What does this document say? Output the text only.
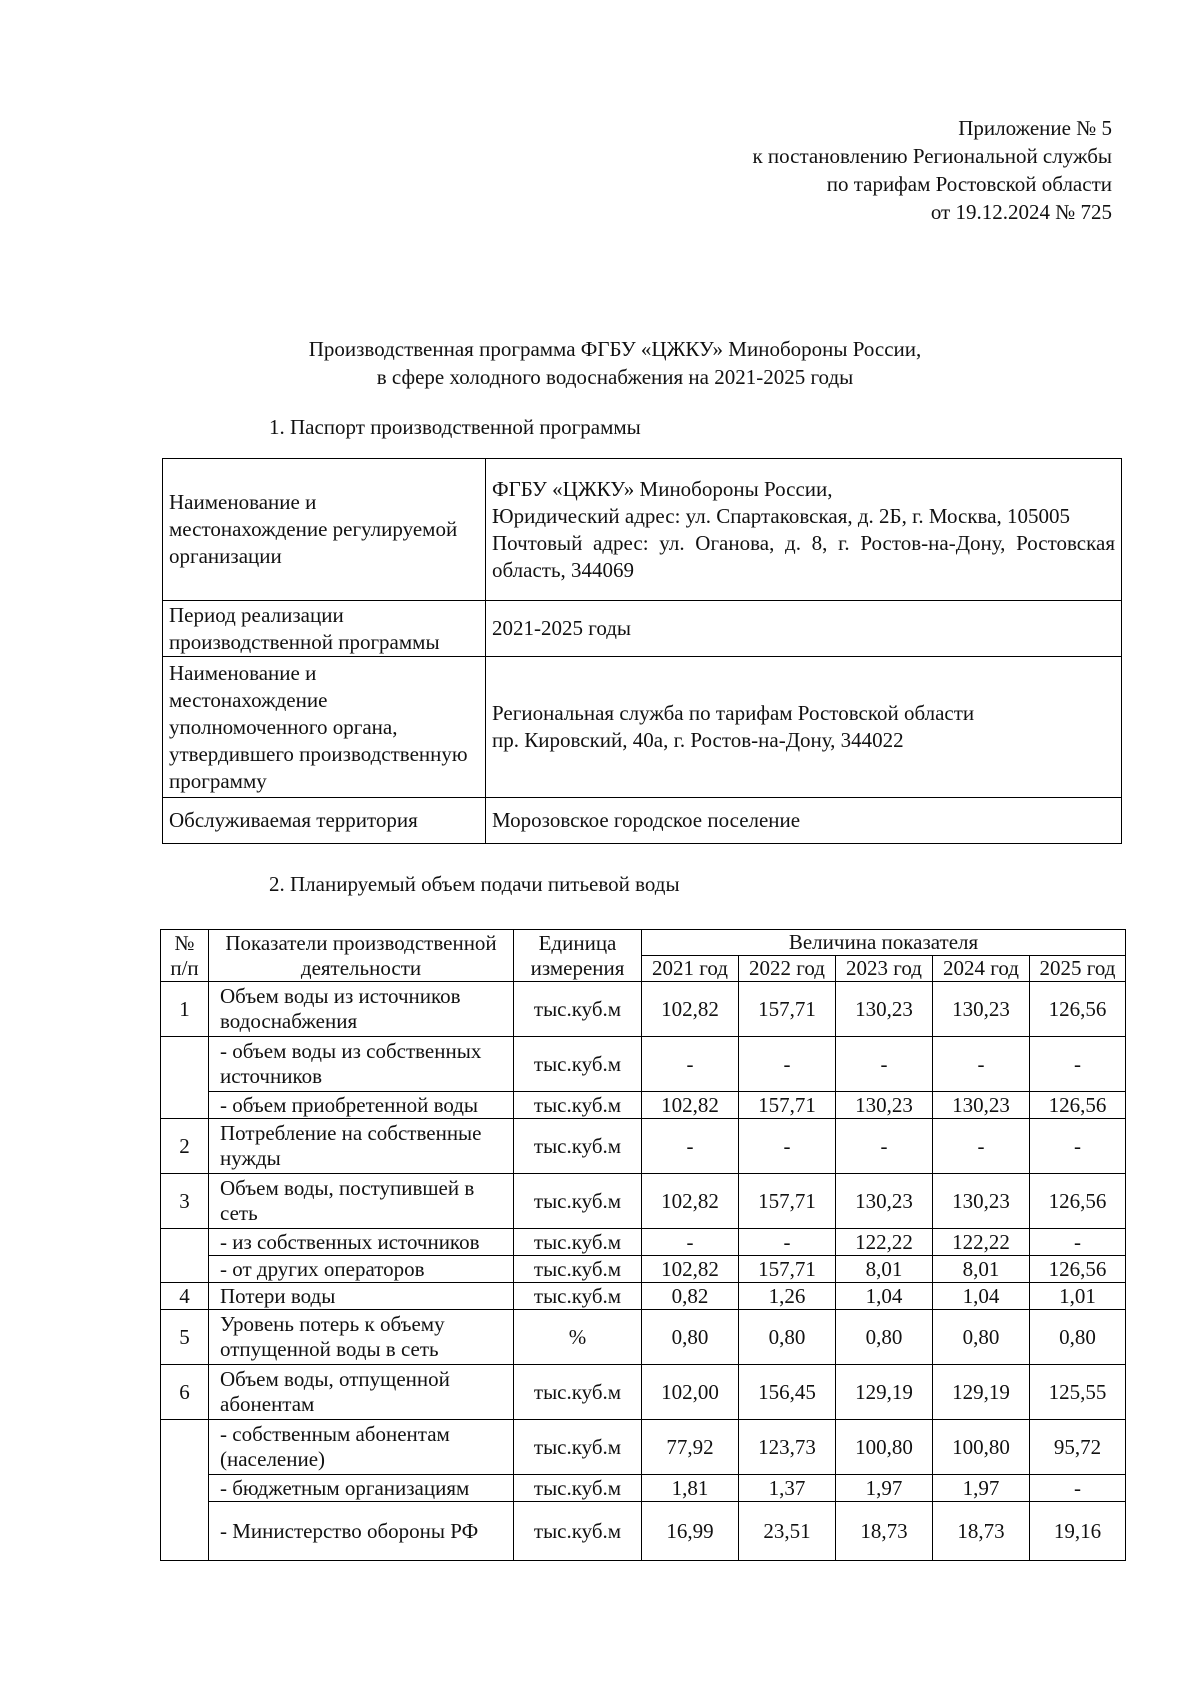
Приложение № 5
к постановлению Региональной службы
по тарифам Ростовской области
от 19.12.2024 № 725
Производственная программа ФГБУ «ЦЖКУ» Минобороны России,
в сфере холодного водоснабжения на 2021-2025 годы
1. Паспорт производственной программы
Наименование и местонахождение регулируемой организации	ФГБУ «ЦЖКУ» Минобороны России,
Юридический адрес: ул. Спартаковская, д. 2Б, г. Москва, 105005
Почтовый адрес: ул. Оганова, д. 8, г. Ростов-на-Дону, Ростовская область, 344069

Период реализации производственной программы	2021-2025 годы

Наименование и местонахождение уполномоченного органа, утвердившего производственную программу	Региональная служба по тарифам Ростовской области
пр. Кировский, 40а, г. Ростов-на-Дону, 344022

Обслуживаемая территория	Морозовское городское поселение
2. Планируемый объем подачи питьевой воды
№ п/п	Показатели производственной деятельности	Единица измерения	Величина показателя				
			2021 год	2022 год	2023 год	2024 год	2025 год
1	Объем воды из источников водоснабжения	тыс.куб.м	102,82	157,71	130,23	130,23	126,56
	- объем воды из собственных источников	тыс.куб.м	-	-	-	-	-
	- объем приобретенной воды	тыс.куб.м	102,82	157,71	130,23	130,23	126,56
2	Потребление на собственные нужды	тыс.куб.м	-	-	-	-	-
3	Объем воды, поступившей в сеть	тыс.куб.м	102,82	157,71	130,23	130,23	126,56
	- из собственных источников	тыс.куб.м	-	-	122,22	122,22	-
	- от других операторов	тыс.куб.м	102,82	157,71	8,01	8,01	126,56
4	Потери воды	тыс.куб.м	0,82	1,26	1,04	1,04	1,01
5	Уровень потерь к объему отпущенной воды в сеть	%	0,80	0,80	0,80	0,80	0,80
6	Объем воды, отпущенной абонентам	тыс.куб.м	102,00	156,45	129,19	129,19	125,55
	- собственным абонентам (население)	тыс.куб.м	77,92	123,73	100,80	100,80	95,72
	- бюджетным организациям	тыс.куб.м	1,81	1,37	1,97	1,97	-
	- Министерство обороны РФ	тыс.куб.м	16,99	23,51	18,73	18,73	19,16
